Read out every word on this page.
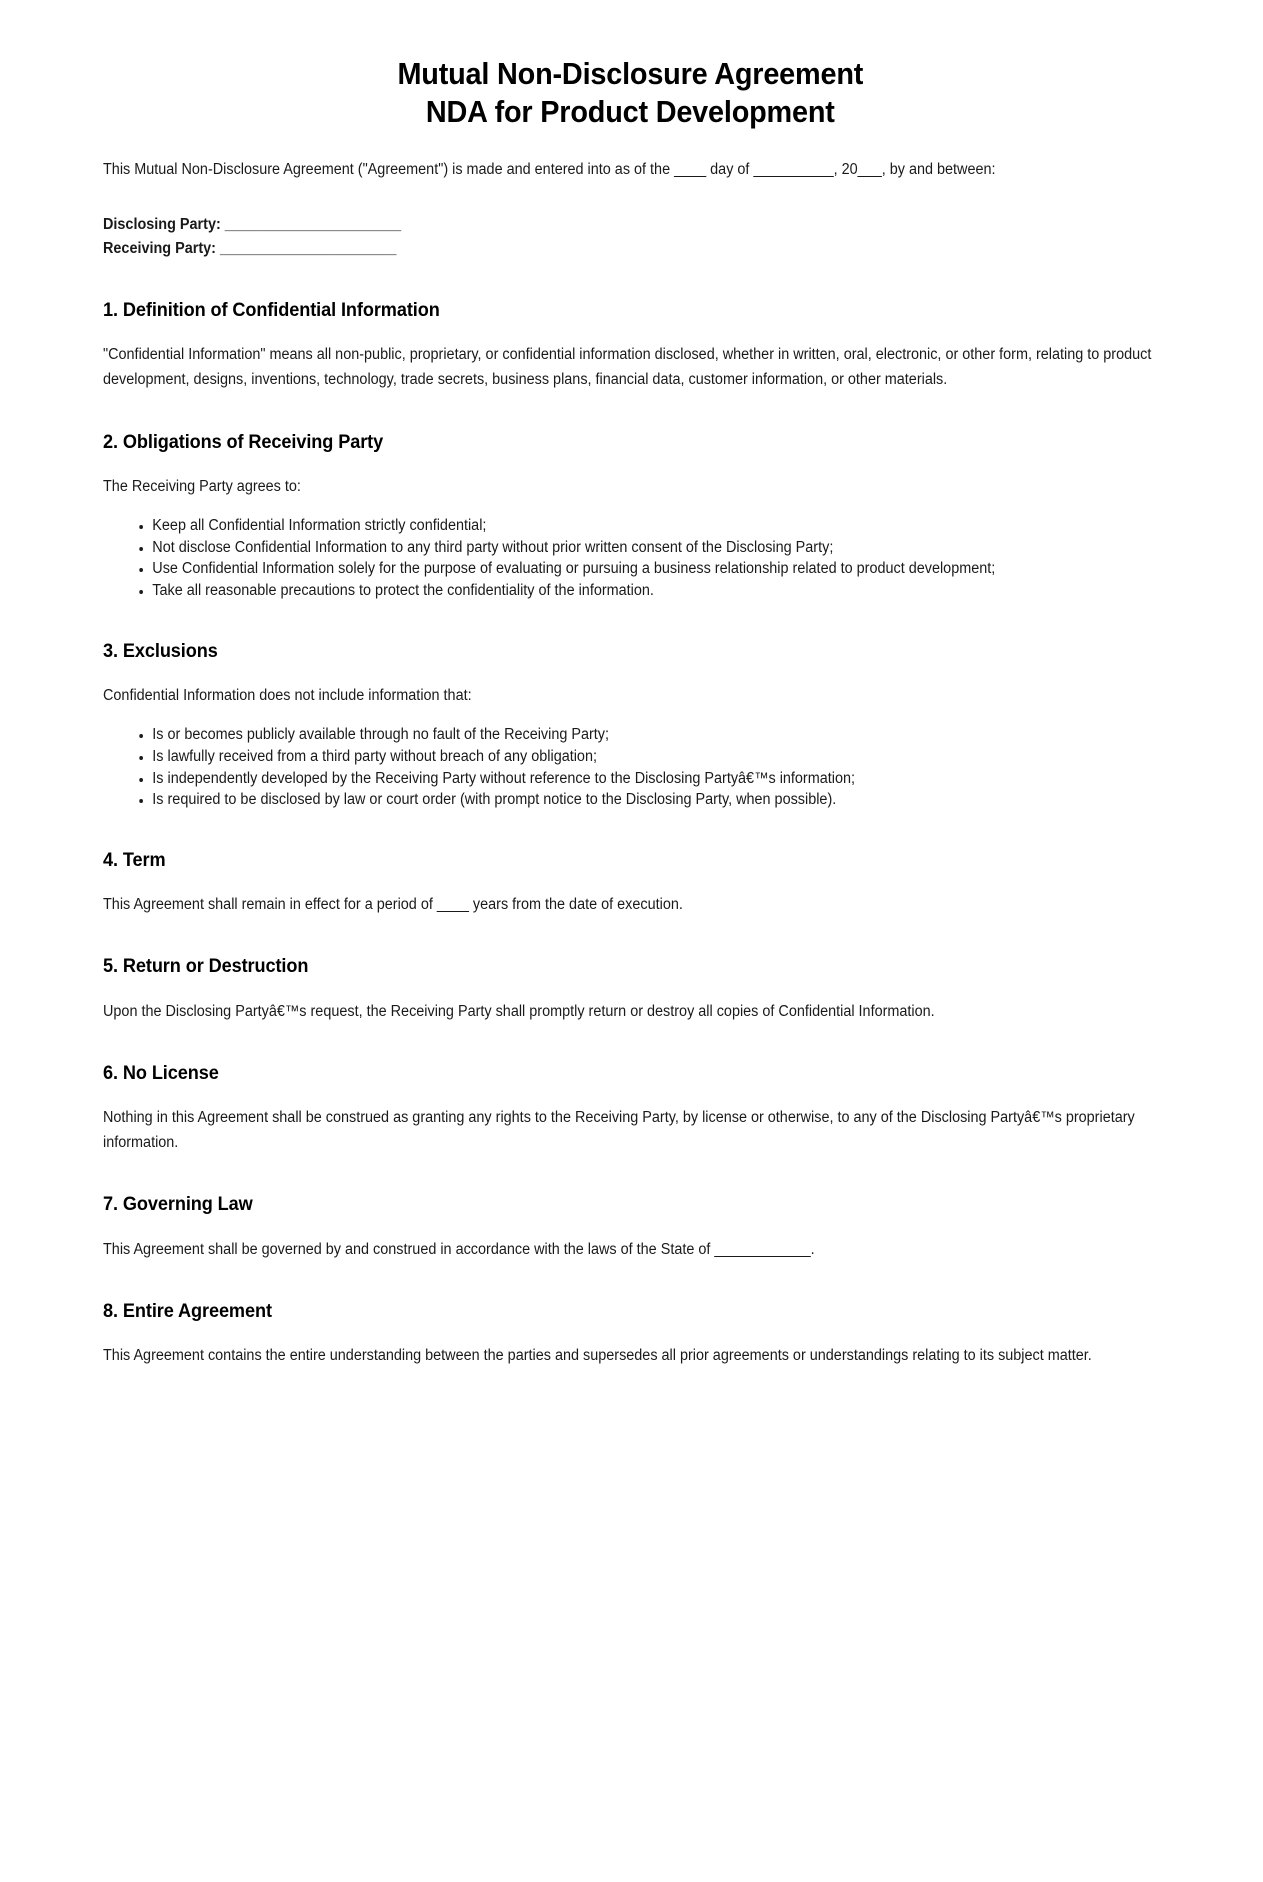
Mutual Non-Disclosure Agreement
NDA for Product Development

This Mutual Non-Disclosure Agreement ("Agreement") is made and entered into as of the ____ day of __________, 20___, by and between:

Disclosing Party: ______________________

Receiving Party: ______________________

1. Definition of Confidential Information

"Confidential Information" means all non-public, proprietary, or confidential information disclosed, whether in written, oral, electronic, or other form, relating to product development, designs, inventions, technology, trade secrets, business plans, financial data, customer information, or other materials.

2. Obligations of Receiving Party

The Receiving Party agrees to:

• Keep all Confidential Information strictly confidential;
• Not disclose Confidential Information to any third party without prior written consent of the Disclosing Party;
• Use Confidential Information solely for the purpose of evaluating or pursuing a business relationship related to product development;
• Take all reasonable precautions to protect the confidentiality of the information.
3. Exclusions

Confidential Information does not include information that:

• Is or becomes publicly available through no fault of the Receiving Party;
• Is lawfully received from a third party without breach of any obligation;
• Is independently developed by the Receiving Party without reference to the Disclosing Partyâ€™s information;
• Is required to be disclosed by law or court order (with prompt notice to the Disclosing Party, when possible).
4. Term

This Agreement shall remain in effect for a period of ____ years from the date of execution.

5. Return or Destruction

Upon the Disclosing Partyâ€™s request, the Receiving Party shall promptly return or destroy all copies of Confidential Information.

6. No License

Nothing in this Agreement shall be construed as granting any rights to the Receiving Party, by license or otherwise, to any of the Disclosing Partyâ€™s proprietary information.

7. Governing Law

This Agreement shall be governed by and construed in accordance with the laws of the State of ____________.

8. Entire Agreement

This Agreement contains the entire understanding between the parties and supersedes all prior agreements or understandings relating to its subject matter.
